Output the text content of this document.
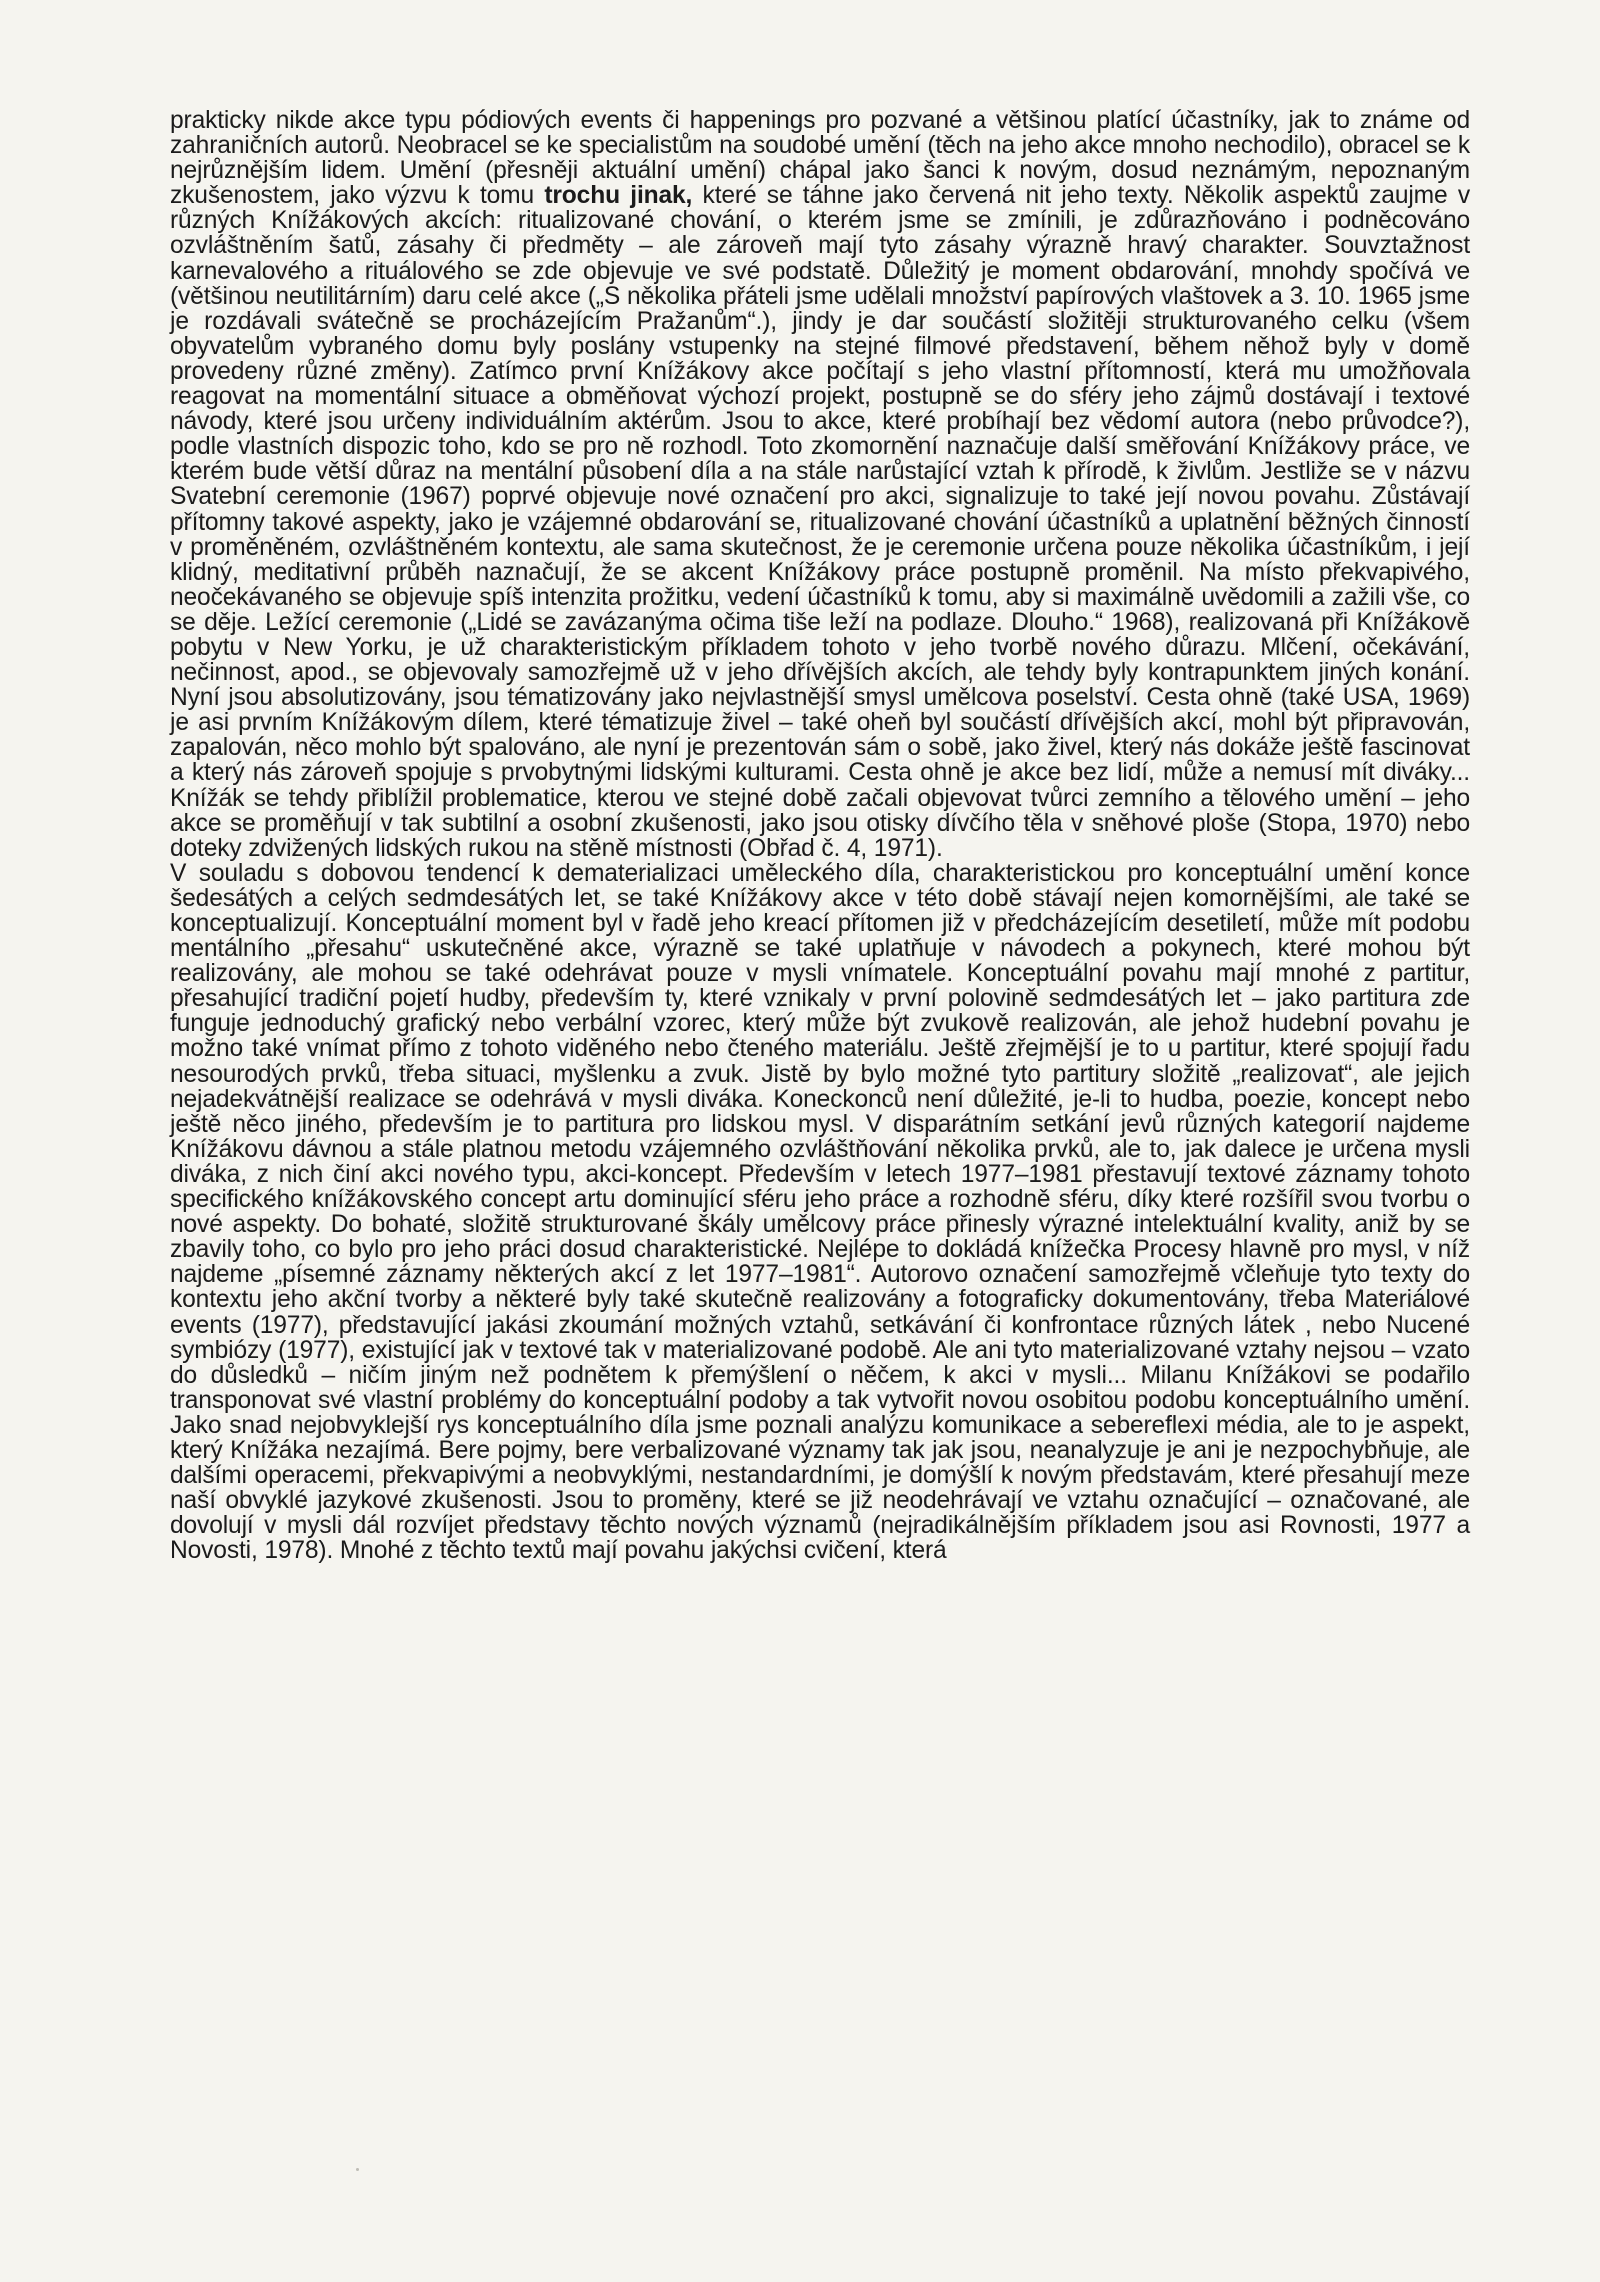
prakticky nikde akce typu pódiových events či happenings pro pozvané a většinou platící účastníky, jak to známe od zahraničních autorů. Neobracel se ke specialistům na soudobé umění (těch na jeho akce mnoho nechodilo), obracel se k nejrůznějším lidem. Umění (přesněji aktuální umění) chápal jako šanci k novým, dosud neznámým, nepoznaným zkušenostem, jako výzvu k tomu trochu jinak, které se táhne jako červená nit jeho texty. Několik aspektů zaujme v různých Knížákových akcích: ritualizované chování, o kterém jsme se zmínili, je zdůrazňováno i podněcováno ozvláštněním šatů, zásahy či předměty – ale zároveň mají tyto zásahy výrazně hravý charakter. Souvztažnost karnevalového a rituálového se zde objevuje ve své podstatě. Důležitý je moment obdarování, mnohdy spočívá ve (většinou neutilitárním) daru celé akce („S několika přáteli jsme udělali množství papírových vlaštovek a 3. 10. 1965 jsme je rozdávali svátečně se procházejícím Pražanům“.), jindy je dar součástí složitěji strukturovaného celku (všem obyvatelům vybraného domu byly poslány vstupenky na stejné filmové představení, během něhož byly v domě provedeny různé změny). Zatímco první Knížákovy akce počítají s jeho vlastní přítomností, která mu umožňovala reagovat na momentální situace a obměňovat výchozí projekt, postupně se do sféry jeho zájmů dostávají i textové návody, které jsou určeny individuálním aktérům. Jsou to akce, které probíhají bez vědomí autora (nebo průvodce?), podle vlastních dispozic toho, kdo se pro ně rozhodl. Toto zkomornění naznačuje další směřování Knížákovy práce, ve kterém bude větší důraz na mentální působení díla a na stále narůstající vztah k přírodě, k živlům. Jestliže se v názvu Svatební ceremonie (1967) poprvé objevuje nové označení pro akci, signalizuje to také její novou povahu. Zůstávají přítomny takové aspekty, jako je vzájemné obdarování se, ritualizované chování účastníků a uplatnění běžných činností v proměněném, ozvláštněném kontextu, ale sama skutečnost, že je ceremonie určena pouze několika účastníkům, i její klidný, meditativní průběh naznačují, že se akcent Knížákovy práce postupně proměnil. Na místo překvapivého, neočekávaného se objevuje spíš intenzita prožitku, vedení účastníků k tomu, aby si maximálně uvědomili a zažili vše, co se děje. Ležící ceremonie („Lidé se zavázanýma očima tiše leží na podlaze. Dlouho.“ 1968), realizovaná při Knížákově pobytu v New Yorku, je už charakteristickým příkladem tohoto v jeho tvorbě nového důrazu. Mlčení, očekávání, nečinnost, apod., se objevovaly samozřejmě už v jeho dřívějších akcích, ale tehdy byly kontrapunktem jiných konání. Nyní jsou absolutizovány, jsou tématizovány jako nejvlastnější smysl umělcova poselství. Cesta ohně (také USA, 1969) je asi prvním Knížákovým dílem, které tématizuje živel – také oheň byl součástí dřívějších akcí, mohl být připravován, zapalován, něco mohlo být spalováno, ale nyní je prezentován sám o sobě, jako živel, který nás dokáže ještě fascinovat a který nás zároveň spojuje s prvobytnými lidskými kulturami. Cesta ohně je akce bez lidí, může a nemusí mít diváky... Knížák se tehdy přiblížil problematice, kterou ve stejné době začali objevovat tvůrci zemního a tělového umění – jeho akce se proměňují v tak subtilní a osobní zkušenosti, jako jsou otisky dívčího těla v sněhové ploše (Stopa, 1970) nebo doteky zdvižených lidských rukou na stěně místnosti (Obřad č. 4, 1971).

V souladu s dobovou tendencí k dematerializaci uměleckého díla, charakteristickou pro konceptuální umění konce šedesátých a celých sedmdesátých let, se také Knížákovy akce v této době stávají nejen komornějšími, ale také se konceptualizují. Konceptuální moment byl v řadě jeho kreací přítomen již v předcházejícím desetiletí, může mít podobu mentálního „přesahu“ uskutečněné akce, výrazně se také uplatňuje v návodech a pokynech, které mohou být realizovány, ale mohou se také odehrávat pouze v mysli vnímatele. Konceptuální povahu mají mnohé z partitur, přesahující tradiční pojetí hudby, především ty, které vznikaly v první polovině sedmdesátých let – jako partitura zde funguje jednoduchý grafický nebo verbální vzorec, který může být zvukově realizován, ale jehož hudební povahu je možno také vnímat přímo z tohoto viděného nebo čteného materiálu. Ještě zřejmější je to u partitur, které spojují řadu nesourodých prvků, třeba situaci, myšlenku a zvuk. Jistě by bylo možné tyto partitury složitě „realizovat“, ale jejich nejadekvátnější realizace se odehrává v mysli diváka. Koneckonců není důležité, je-li to hudba, poezie, koncept nebo ještě něco jiného, především je to partitura pro lidskou mysl. V disparátním setkání jevů různých kategorií najdeme Knížákovu dávnou a stále platnou metodu vzájemného ozvláštňování několika prvků, ale to, jak dalece je určena mysli diváka, z nich činí akci nového typu, akci-koncept. Především v letech 1977–1981 přestavují textové záznamy tohoto specifického knížákovského concept artu dominující sféru jeho práce a rozhodně sféru, díky které rozšířil svou tvorbu o nové aspekty. Do bohaté, složitě strukturované škály umělcovy práce přinesly výrazné intelektuální kvality, aniž by se zbavily toho, co bylo pro jeho práci dosud charakteristické. Nejlépe to dokládá knížečka Procesy hlavně pro mysl, v níž najdeme „písemné záznamy některých akcí z let 1977–1981“. Autorovo označení samozřejmě včleňuje tyto texty do kontextu jeho akční tvorby a některé byly také skutečně realizovány a fotograficky dokumentovány, třeba Materiálové events (1977), představující jakási zkoumání možných vztahů, setkávání či konfrontace různých látek , nebo Nucené symbiózy (1977), existující jak v textové tak v materializované podobě. Ale ani tyto materializované vztahy nejsou – vzato do důsledků – ničím jiným než podnětem k přemýšlení o něčem, k akci v mysli... Milanu Knížákovi se podařilo transponovat své vlastní problémy do konceptuální podoby a tak vytvořit novou osobitou podobu konceptuálního umění. Jako snad nejobvyklejší rys konceptuálního díla jsme poznali analýzu komunikace a sebereflexi média, ale to je aspekt, který Knížáka nezajímá. Bere pojmy, bere verbalizované významy tak jak jsou, neanalyzuje je ani je nezpochybňuje, ale dalšími operacemi, překvapivými a neobvyklými, nestandardními, je domýšlí k novým představám, které přesahují meze naší obvyklé jazykové zkušenosti. Jsou to proměny, které se již neodehrávají ve vztahu označující – označované, ale dovolují v mysli dál rozvíjet představy těchto nových významů (nejradikálnějším příkladem jsou asi Rovnosti, 1977 a Novosti, 1978). Mnohé z těchto textů mají povahu jakýchsi cvičení, která
